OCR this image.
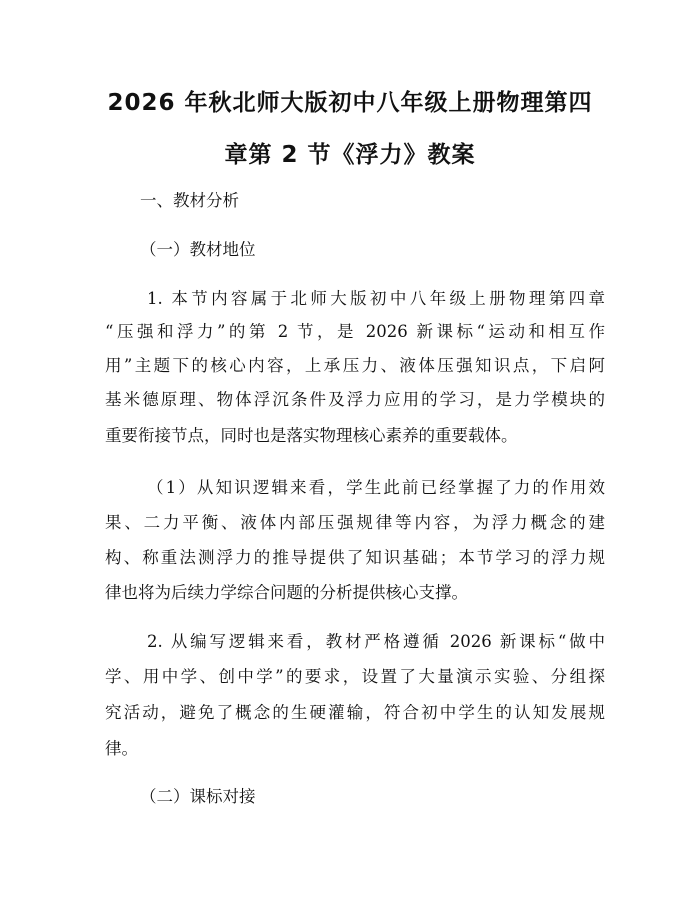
2026 年秋北师大版初中八年级上册物理第四
章第 2 节《浮力》教案
一、教材分析
（一）教材地位
1. 本节内容属于北师大版初中八年级上册物理第四章
“压强和浮力”的第 2 节，是 2026 新课标“运动和相互作
用”主题下的核心内容，上承压力、液体压强知识点，下启阿
基米德原理、物体浮沉条件及浮力应用的学习，是力学模块的
重要衔接节点，同时也是落实物理核心素养的重要载体。
（1）从知识逻辑来看，学生此前已经掌握了力的作用效
果、二力平衡、液体内部压强规律等内容，为浮力概念的建
构、称重法测浮力的推导提供了知识基础；本节学习的浮力规
律也将为后续力学综合问题的分析提供核心支撑。
2. 从编写逻辑来看，教材严格遵循 2026 新课标“做中
学、用中学、创中学”的要求，设置了大量演示实验、分组探
究活动，避免了概念的生硬灌输，符合初中学生的认知发展规
律。
（二）课标对接
